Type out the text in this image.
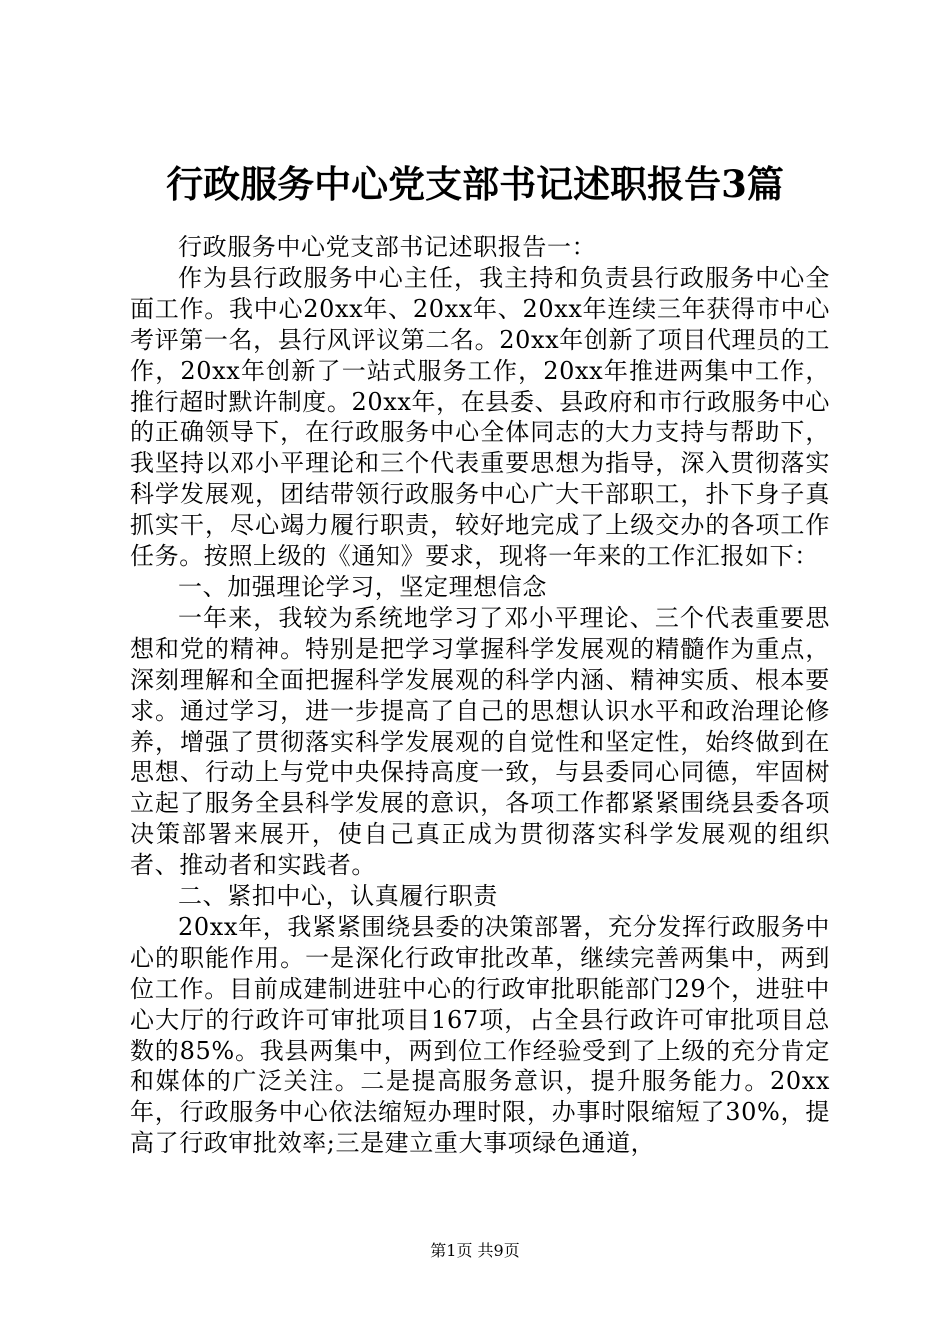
行政服务中心党支部书记述职报告3篇

行政服务中心党支部书记述职报告一：

作为县行政服务中心主任，我主持和负责县行政服务中心全面工作。我中心20xx年、20xx年、20xx年连续三年获得市中心考评第一名，县行风评议第二名。20xx年创新了项目代理员的工作，20xx年创新了一站式服务工作，20xx年推进两集中工作，推行超时默许制度。20xx年，在县委、县政府和市行政服务中心的正确领导下，在行政服务中心全体同志的大力支持与帮助下，我坚持以邓小平理论和三个代表重要思想为指导，深入贯彻落实科学发展观，团结带领行政服务中心广大干部职工，扑下身子真抓实干，尽心竭力履行职责，较好地完成了上级交办的各项工作任务。按照上级的《通知》要求，现将一年来的工作汇报如下：

一、加强理论学习，坚定理想信念

一年来，我较为系统地学习了邓小平理论、三个代表重要思想和党的精神。特别是把学习掌握科学发展观的精髓作为重点，深刻理解和全面把握科学发展观的科学内涵、精神实质、根本要求。通过学习，进一步提高了自己的思想认识水平和政治理论修养，增强了贯彻落实科学发展观的自觉性和坚定性，始终做到在思想、行动上与党中央保持高度一致，与县委同心同德，牢固树立起了服务全县科学发展的意识，各项工作都紧紧围绕县委各项决策部署来展开，使自己真正成为贯彻落实科学发展观的组织者、推动者和实践者。

二、紧扣中心，认真履行职责

20xx年，我紧紧围绕县委的决策部署，充分发挥行政服务中心的职能作用。一是深化行政审批改革，继续完善两集中，两到位工作。目前成建制进驻中心的行政审批职能部门29个，进驻中心大厅的行政许可审批项目167项，占全县行政许可审批项目总数的85%。我县两集中，两到位工作经验受到了上级的充分肯定和媒体的广泛关注。二是提高服务意识，提升服务能力。20xx年，行政服务中心依法缩短办理时限，办事时限缩短了30%，提高了行政审批效率;三是建立重大事项绿色通道，

第1页 共9页
